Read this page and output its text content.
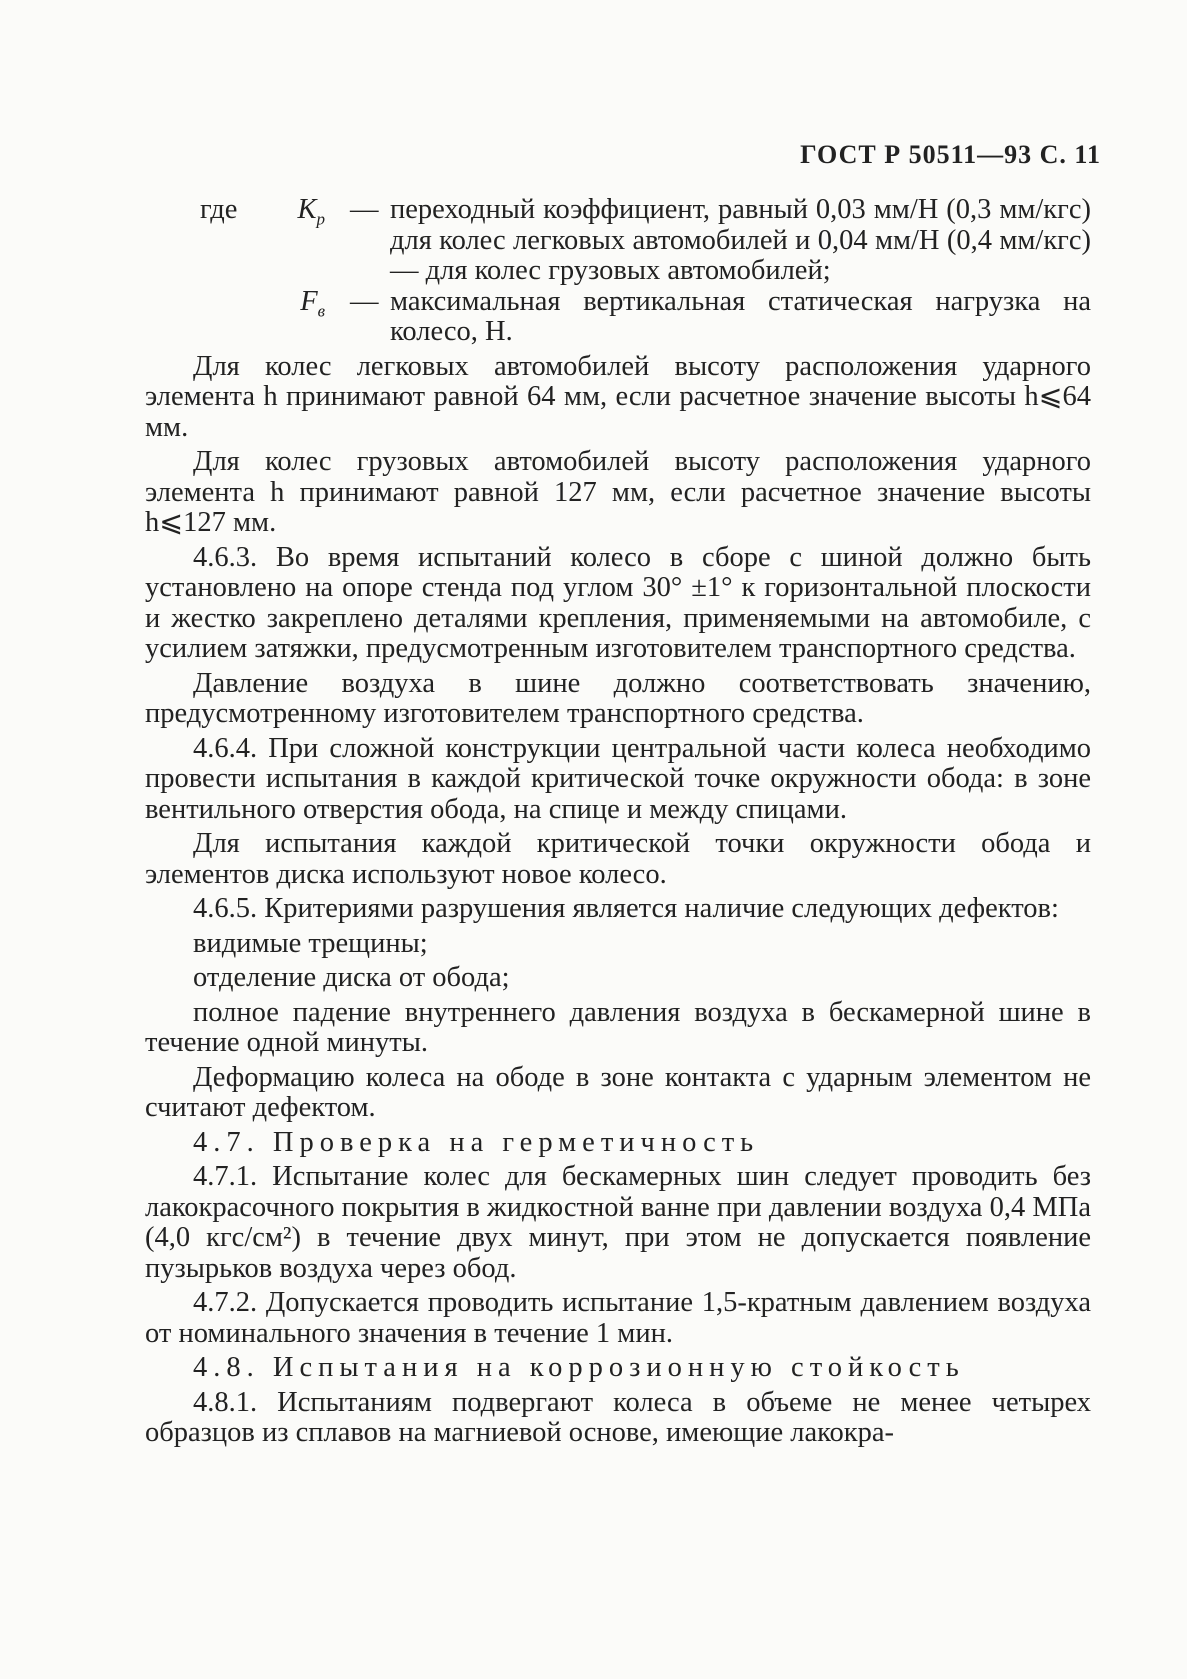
ГОСТ Р 50511—93 С. 11
где $K_р$ — переходный коэффициент, равный 0,03 мм/Н (0,3 мм/кгс) для колес легковых автомобилей и 0,04 мм/Н (0,4 мм/кгс) — для колес грузовых автомобилей;
$F_в$ — максимальная вертикальная статическая нагрузка на колесо, Н.

Для колес легковых автомобилей высоту расположения ударного элемента h принимают равной 64 мм, если расчетное значение высоты h⩽64 мм.

Для колес грузовых автомобилей высоту расположения ударного элемента h принимают равной 127 мм, если расчетное значение высоты h⩽127 мм.

4.6.3. Во время испытаний колесо в сборе с шиной должно быть установлено на опоре стенда под углом 30° ±1° к горизонтальной плоскости и жестко закреплено деталями крепления, применяемыми на автомобиле, с усилием затяжки, предусмотренным изготовителем транспортного средства.

Давление воздуха в шине должно соответствовать значению, предусмотренному изготовителем транспортного средства.

4.6.4. При сложной конструкции центральной части колеса необходимо провести испытания в каждой критической точке окружности обода: в зоне вентильного отверстия обода, на спице и между спицами.

Для испытания каждой критической точки окружности обода и элементов диска используют новое колесо.

4.6.5. Критериями разрушения является наличие следующих дефектов:

видимые трещины;

отделение диска от обода;

полное падение внутреннего давления воздуха в бескамерной шине в течение одной минуты.

Деформацию колеса на ободе в зоне контакта с ударным элементом не считают дефектом.

4.7. Проверка на герметичность

4.7.1. Испытание колес для бескамерных шин следует проводить без лакокрасочного покрытия в жидкостной ванне при давлении воздуха 0,4 МПа (4,0 кгс/см²) в течение двух минут, при этом не допускается появление пузырьков воздуха через обод.

4.7.2. Допускается проводить испытание 1,5-кратным давлением воздуха от номинального значения в течение 1 мин.

4.8. Испытания на коррозионную стойкость

4.8.1. Испытаниям подвергают колеса в объеме не менее четырех образцов из сплавов на магниевой основе, имеющие лакокра-
